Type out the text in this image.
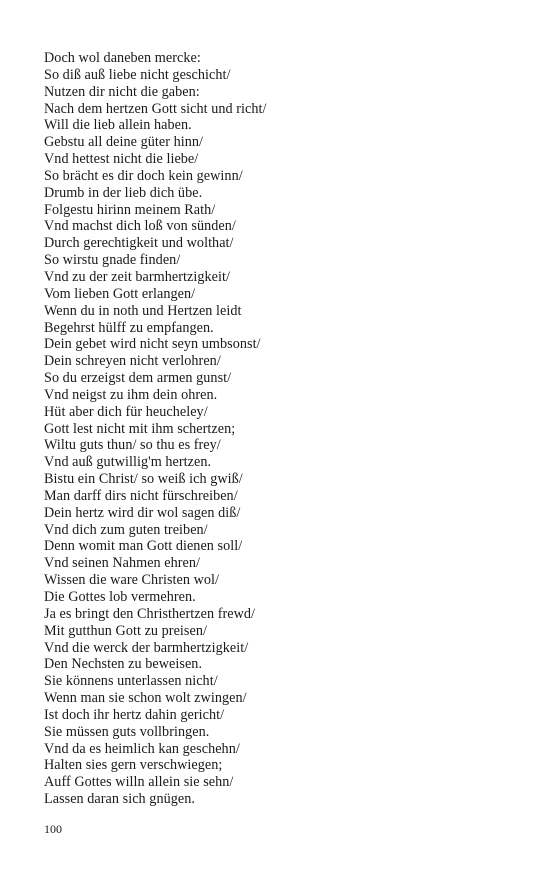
Doch wol daneben mercke:
So diß auß liebe nicht geschicht/
Nutzen dir nicht die gaben:
Nach dem hertzen Gott sicht und richt/
Will die lieb allein haben.
Gebstu all deine güter hinn/
Vnd hettest nicht die liebe/
So brächt es dir doch kein gewinn/
Drumb in der lieb dich übe.
Folgestu hirinn meinem Rath/
Vnd machst dich loß von sünden/
Durch gerechtigkeit und wolthat/
So wirstu gnade finden/
Vnd zu der zeit barmhertzigkeit/
Vom lieben Gott erlangen/
Wenn du in noth und Hertzen leidt
Begehrst hülff zu empfangen.
Dein gebet wird nicht seyn umbsonst/
Dein schreyen nicht verlohren/
So du erzeigst dem armen gunst/
Vnd neigst zu ihm dein ohren.
Hüt aber dich für heucheley/
Gott lest nicht mit ihm schertzen;
Wiltu guts thun/ so thu es frey/
Vnd auß gutwillig'm hertzen.
Bistu ein Christ/ so weiß ich gwiß/
Man darff dirs nicht fürschreiben/
Dein hertz wird dir wol sagen diß/
Vnd dich zum guten treiben/
Denn womit man Gott dienen soll/
Vnd seinen Nahmen ehren/
Wissen die ware Christen wol/
Die Gottes lob vermehren.
Ja es bringt den Christhertzen frewd/
Mit gutthun Gott zu preisen/
Vnd die werck der barmhertzigkeit/
Den Nechsten zu beweisen.
Sie könnens unterlassen nicht/
Wenn man sie schon wolt zwingen/
Ist doch ihr hertz dahin gericht/
Sie müssen guts vollbringen.
Vnd da es heimlich kan geschehn/
Halten sies gern verschwiegen;
Auff Gottes willn allein sie sehn/
Lassen daran sich gnügen.
100
